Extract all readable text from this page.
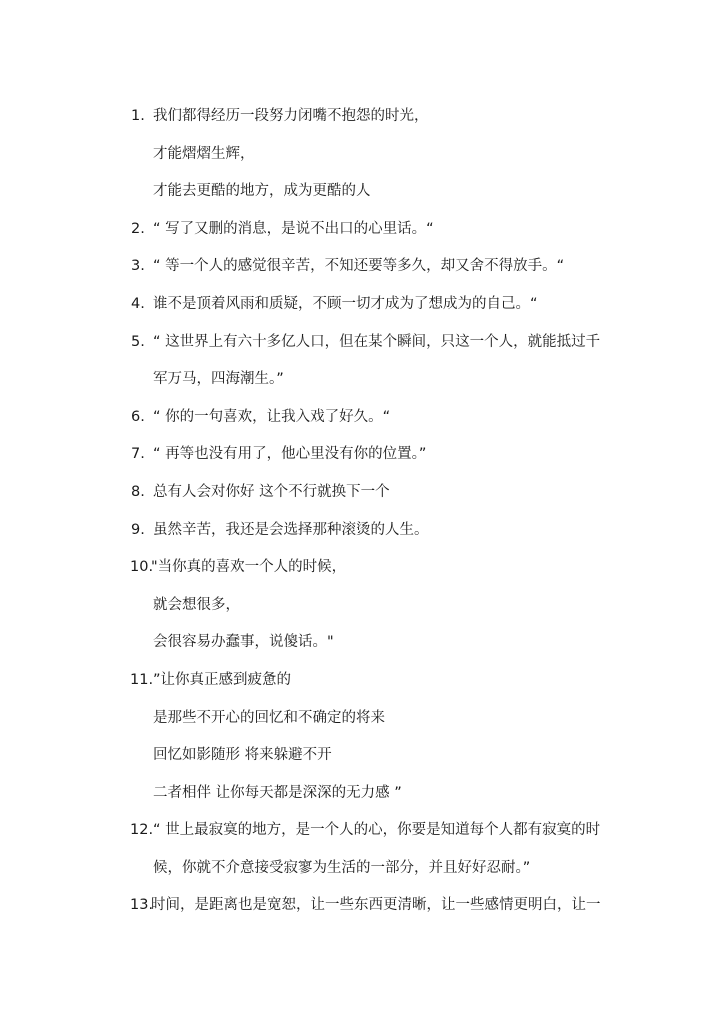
1. 我们都得经历一段努力闭嘴不抱怨的时光，
才能熠熠生辉，
才能去更酷的地方，成为更酷的人
2. “ 写了又删的消息，是说不出口的心里话。“
3. “ 等一个人的感觉很辛苦，不知还要等多久，却又舍不得放手。“
4. 谁不是顶着风雨和质疑，不顾一切才成为了想成为的自己。“
5. “ 这世界上有六十多亿人口，但在某个瞬间，只这一个人，就能抵过千
军万马，四海潮生。”
6. “ 你的一句喜欢，让我入戏了好久。“
7. “ 再等也没有用了，他心里没有你的位置。”
8. 总有人会对你好 这个不行就换下一个
9. 虽然辛苦，我还是会选择那种滚烫的人生。
10.
"当你真的喜欢一个人的时候，
就会想很多，
会很容易办蠢事，说傻话。"
11. ”让你真正感到疲惫的
是那些不开心的回忆和不确定的将来
回忆如影随形 将来躲避不开
二者相伴 让你每天都是深深的无力感 ”
12. “ 世上最寂寞的地方，是一个人的心，你要是知道每个人都有寂寞的时
候，你就不介意接受寂寥为生活的一部分，并且好好忍耐。”
13.
时间，是距离也是宽恕，让一些东西更清晰，让一些感情更明白，让一
